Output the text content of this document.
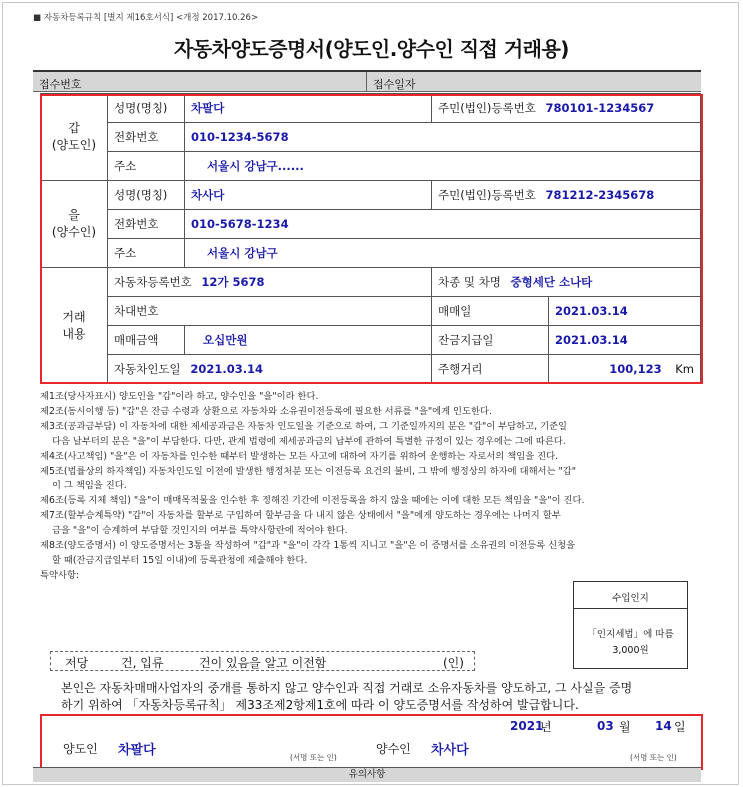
■ 자동차등록규칙 [별지 제16호서식] <개정 2017.10.26>
자동차양도증명서(양도인.양수인 직접 거래용)
접수번호	접수일자
갑
(양도인)	성명(명칭)	차팔다	주민(법인)등록번호 780101-1234567	
	전화번호	010-1234-5678		
	주소	서울시 강남구......		

을
(양수인)	성명(명칭)	차사다	주민(법인)등록번호 781212-2345678	
	전화번호	010-5678-1234		
	주소	서울시 강남구		

거래
내용	자동차등록번호 12가 5678		차종 및 차명 중형세단 소나타	
	차대번호		매매일	2021.03.14
	매매금액	오십만원	잔금지급일	2021.03.14
	자동차인도일 2021.03.14		주행거리	100,123 Km
제1조(당사자표시) 양도인을 "갑"이라 하고, 양수인을 "을"이라 한다.
제2조(동시이행 등) "갑"은 잔금 수령과 상환으로 자동차와 소유권이전등록에 필요한 서류를 "을"에게 인도한다.
제3조(공과금부담) 이 자동차에 대한 제세공과금은 자동차 인도일을 기준으로 하여, 그 기준일까지의 분은 "갑"이 부담하고, 기준일
다음 날부터의 분은 "을"이 부담한다. 다만, 관계 법령에 제세공과금의 납부에 관하여 특별한 규정이 있는 경우에는 그에 따른다.
제4조(사고책임) "을"은 이 자동차를 인수한 때부터 발생하는 모든 사고에 대하여 자기를 위하여 운행하는 자로서의 책임을 진다.
제5조(법률상의 하자책임) 자동차인도일 이전에 발생한 행정처분 또는 이전등록 요건의 불비, 그 밖에 행정상의 하자에 대해서는 "갑"
이 그 책임을 진다.
제6조(등록 지체 책임) "을"이 매매목적물을 인수한 후 정해진 기간에 이전등록을 하지 않을 때에는 이에 대한 모든 책임을 "을"이 진다.
제7조(할부승계특약) "갑"이 자동차를 할부로 구입하여 할부금을 다 내지 않은 상태에서 "을"에게 양도하는 경우에는 나머지 할부
금을 "을"이 승계하여 부담할 것인지의 여부를 특약사항란에 적어야 한다.
제8조(양도증명서) 이 양도증명서는 3통을 작성하여 "갑"과 "을"이 각각 1통씩 지니고 "을"은 이 증명서를 소유권의 이전등록 신청을
할 때(잔금지급일부터 15일 이내)에 등록관청에 제출해야 한다.
특약사항:
수입인지
「인지세법」에 따름
3,000원
저당	건, 입류	건이 있음을 알고 이전함	(인)
본인은 자동차매매사업자의 중개를 통하지 않고 양수인과 직접 거래로 소유자동차를 양도하고, 그 사실을 증명
하기 위하여 「자동차등록규칙」 제33조제2항제1호에 따라 이 양도증명서를 작성하여 발급합니다.
2021
년	03 월 14 일
양도인 차팔다	(서명 또는 인)
양수인 차사다	(서명 또는 인)
유의사항
